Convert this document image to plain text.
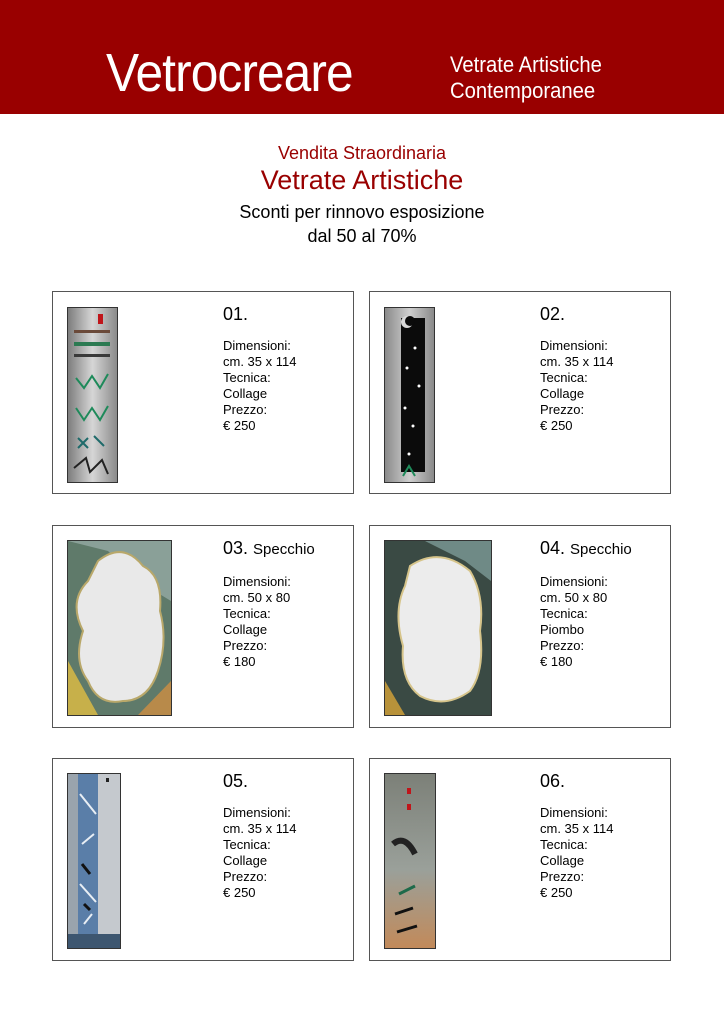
Vetrocreare	Vetrate Artistiche
Contemporanee
Vendita Straordinaria
Vetrate Artistiche
Sconti per rinnovo esposizione
dal 50 al 70%
01.
Dimensioni:
cm. 35 x 114
Tecnica:
Collage
Prezzo:
€ 250
02.
Dimensioni:
cm. 35 x 114
Tecnica:
Collage
Prezzo:
€ 250
03. Specchio
Dimensioni:
cm. 50 x 80
Tecnica:
Collage
Prezzo:
€ 180
04. Specchio
Dimensioni:
cm. 50 x 80
Tecnica:
Piombo
Prezzo:
€ 180
05.
Dimensioni:
cm. 35 x 114
Tecnica:
Collage
Prezzo:
€ 250
06.
Dimensioni:
cm. 35 x 114
Tecnica:
Collage
Prezzo:
€ 250
